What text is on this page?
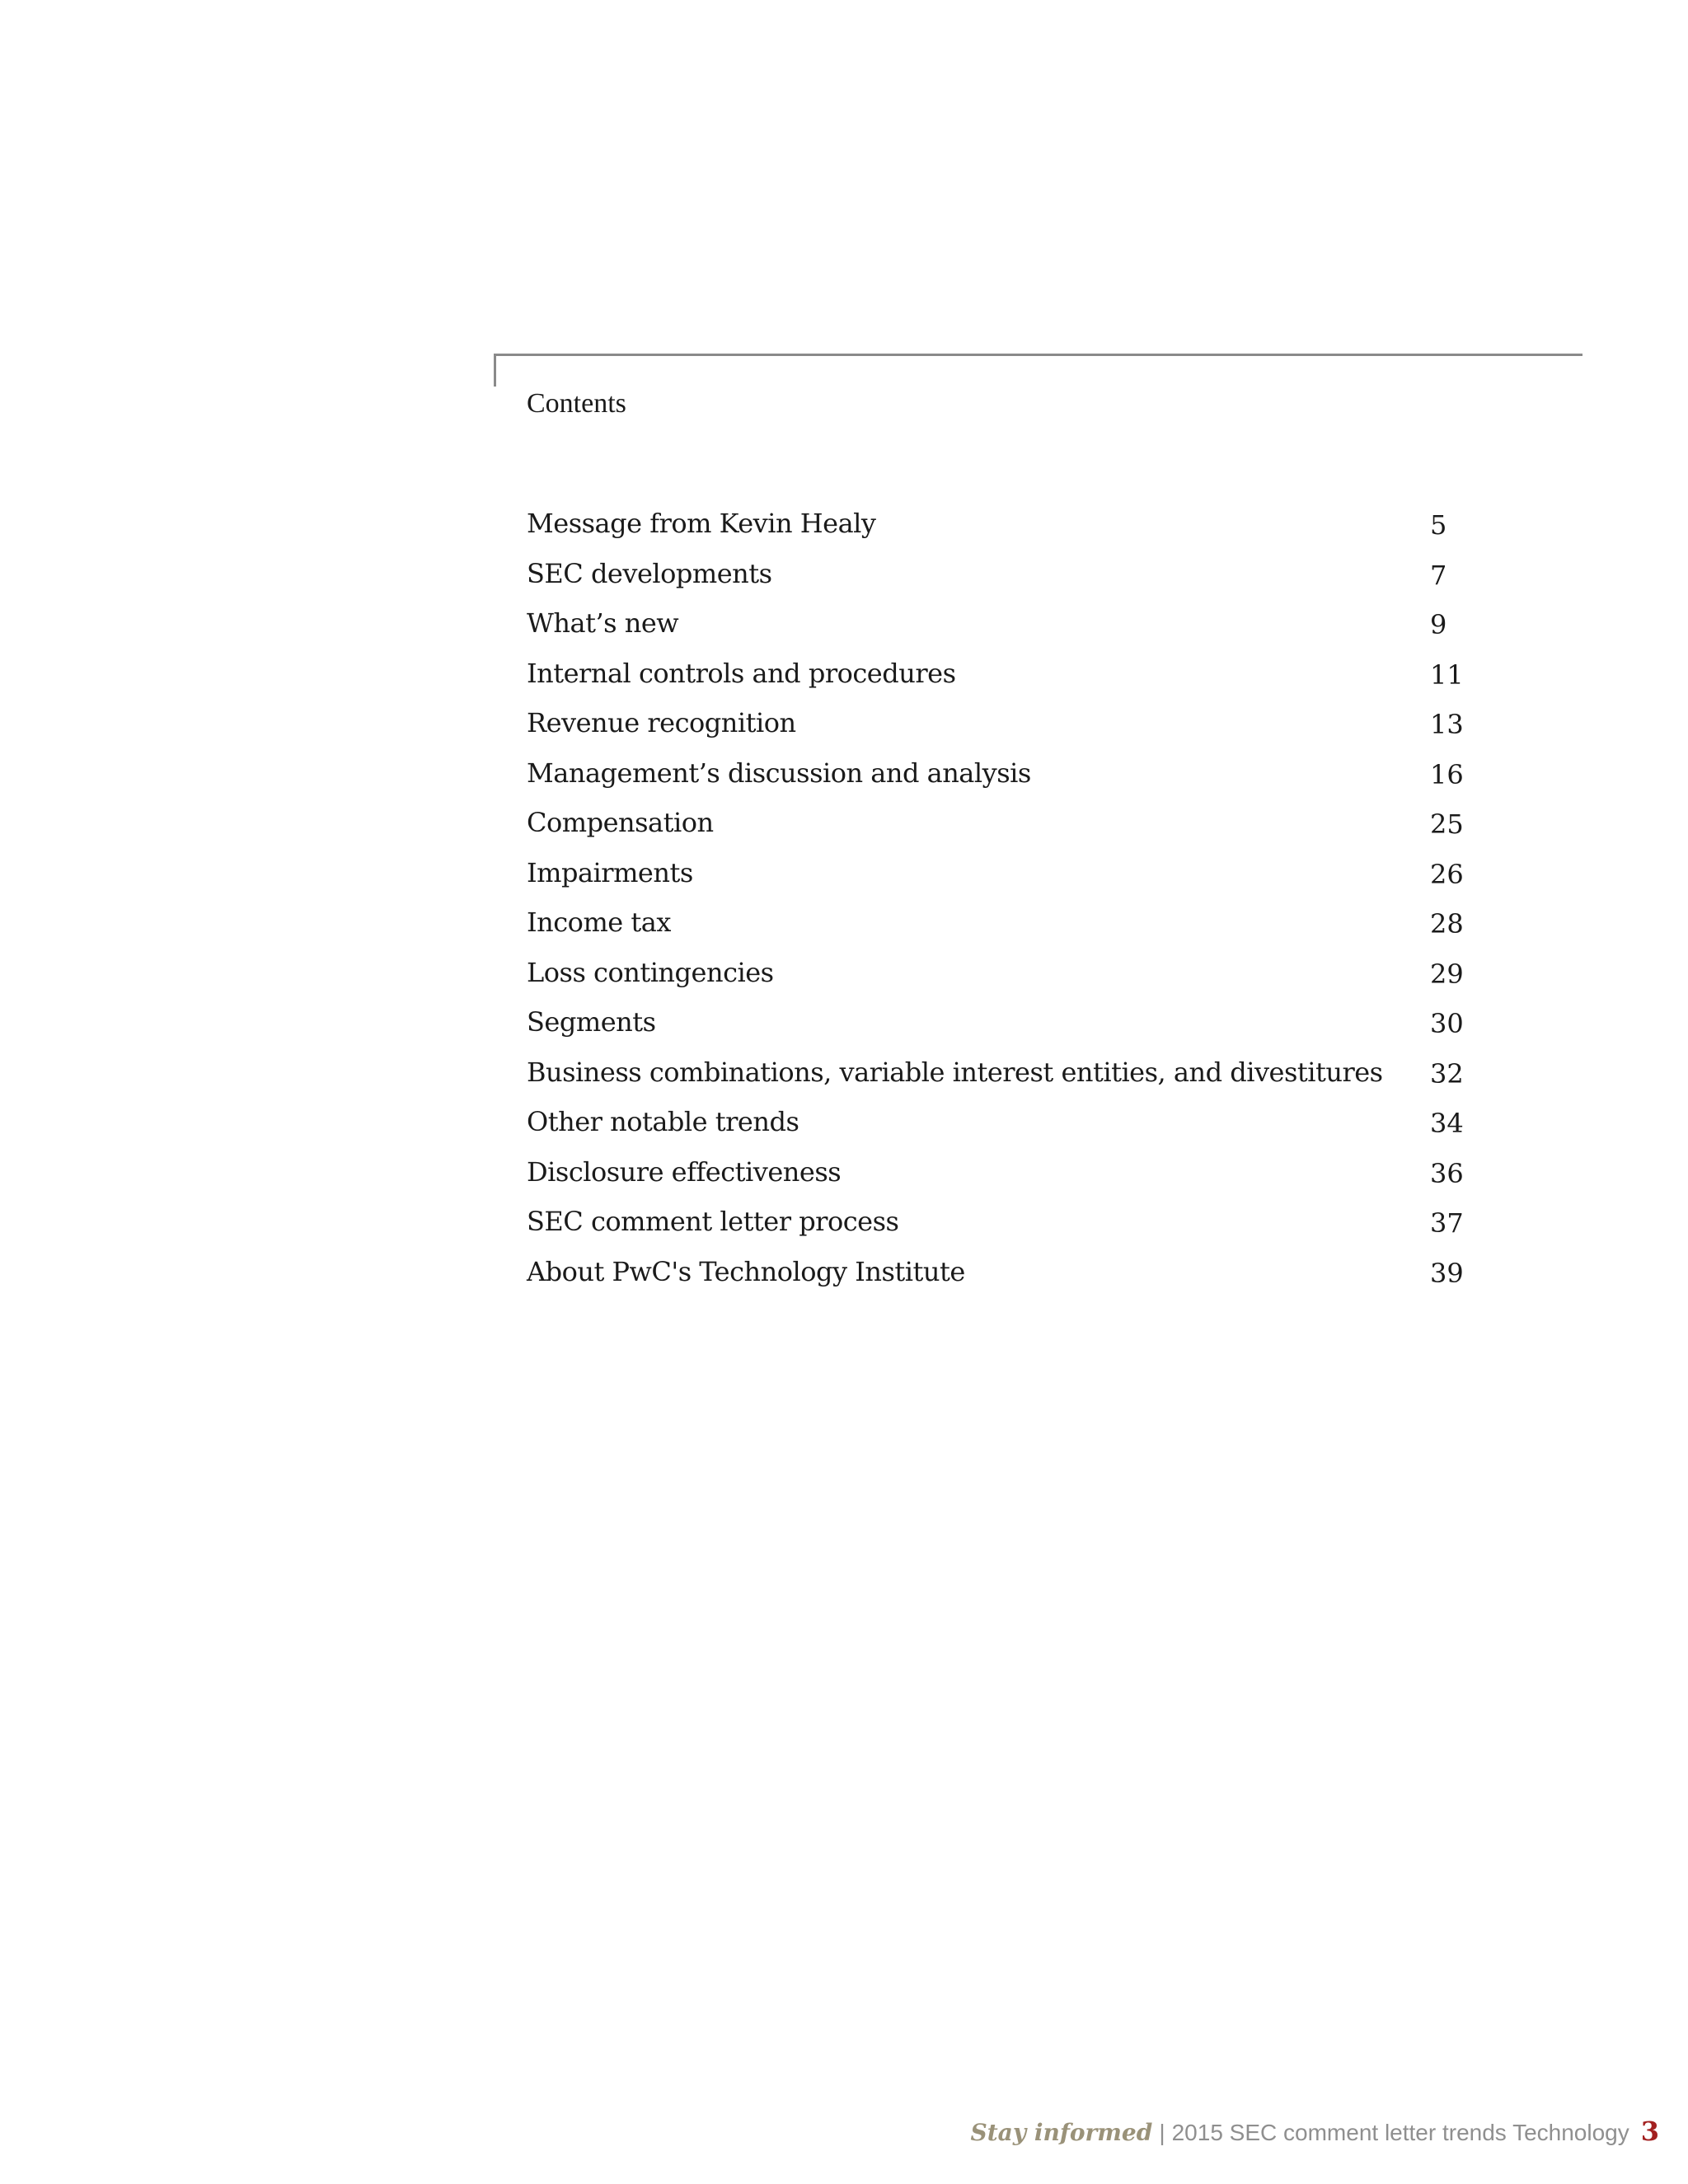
Contents
Message from Kevin Healy	5
SEC developments	7
What’s new	9
Internal controls and procedures	11
Revenue recognition	13
Management’s discussion and analysis	16
Compensation	25
Impairments	26
Income tax	28
Loss contingencies	29
Segments	30
Business combinations, variable interest entities, and divestitures 32
Other notable trends	34
Disclosure effectiveness	36
SEC comment letter process	37
About PwC's Technology Institute	39
Stay informed | 2015 SEC comment letter trends Technology 3
